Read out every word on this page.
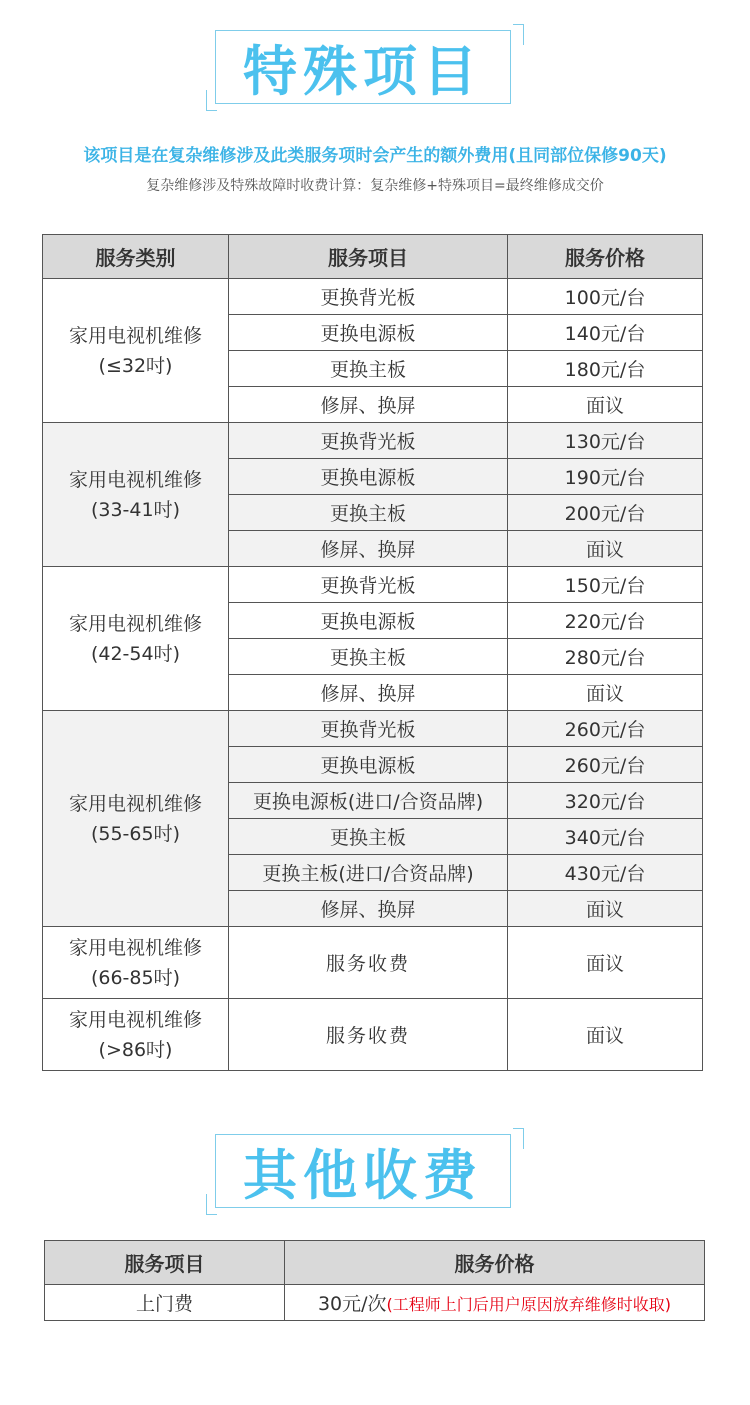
特殊项目
该项目是在复杂维修涉及此类服务项时会产生的额外费用(且同部位保修90天)
复杂维修涉及特殊故障时收费计算：复杂维修+特殊项目=最终维修成交价
服务类别	服务项目	服务价格

家用电视机维修
(≤32吋)	更换背光板	100元/台
	更换电源板	140元/台
	更换主板	180元/台
	修屏、换屏	面议

家用电视机维修
(33-41吋)	更换背光板	130元/台
	更换电源板	190元/台
	更换主板	200元/台
	修屏、换屏	面议

家用电视机维修
(42-54吋)	更换背光板	150元/台
	更换电源板	220元/台
	更换主板	280元/台
	修屏、换屏	面议

家用电视机维修
(55-65吋)	更换背光板	260元/台
	更换电源板	260元/台
	更换电源板(进口/合资品牌)	320元/台
	更换主板	340元/台
	更换主板(进口/合资品牌)	430元/台
	修屏、换屏	面议

家用电视机维修
(66-85吋)	服务收费	面议

家用电视机维修
(>86吋)	服务收费	面议
其他收费
服务项目	服务价格
上门费	30元/次(工程师上门后用户原因放弃维修时收取)
